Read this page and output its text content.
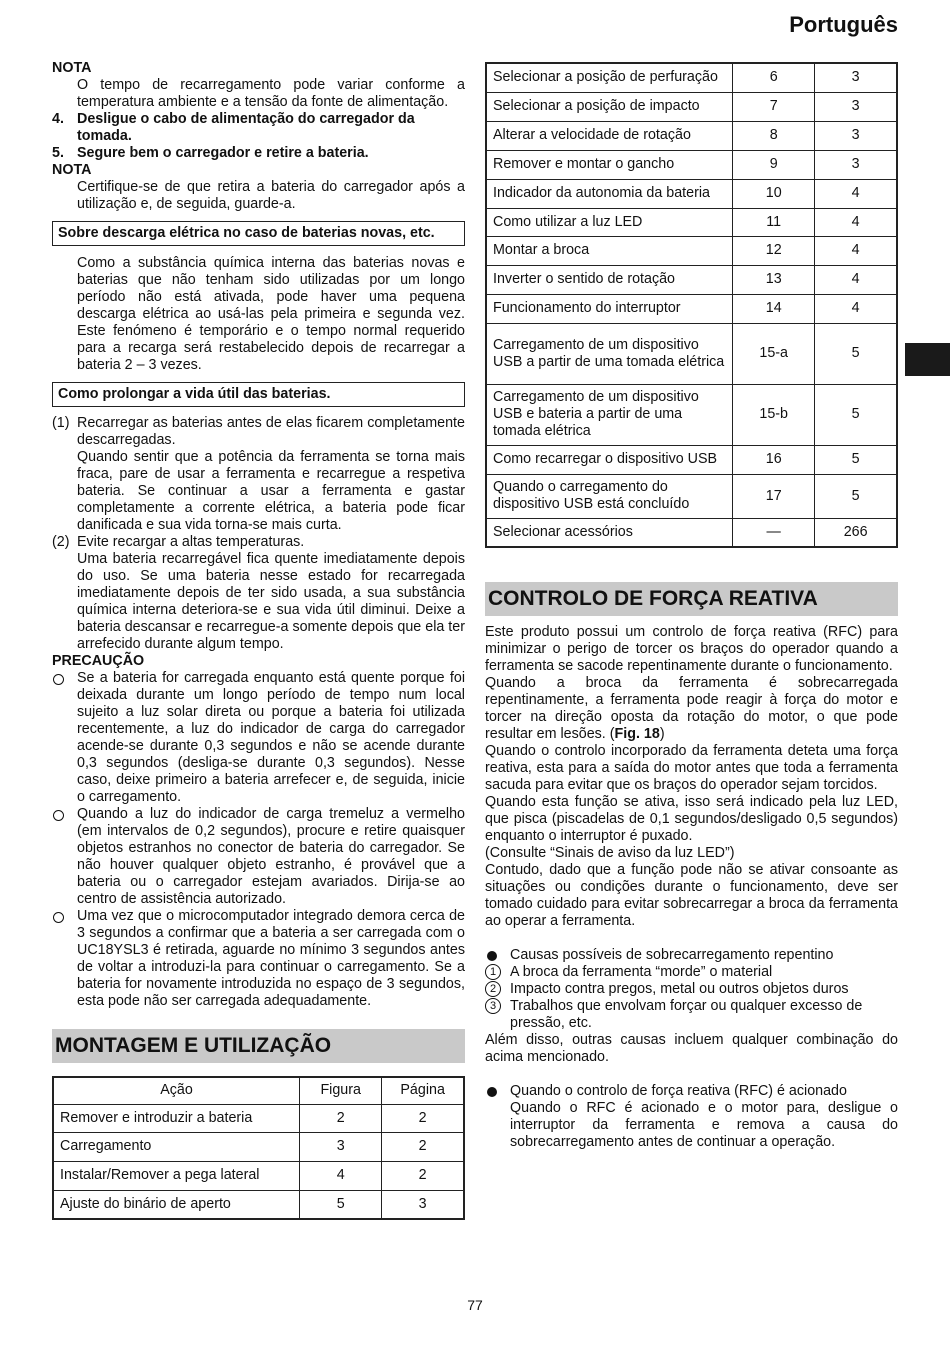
Português

NOTA

O tempo de recarregamento pode variar conforme a temperatura ambiente e a tensão da fonte de alimentação.

4. Desligue o cabo de alimentação do carregador da tomada.
5. Segure bem o carregador e retire a bateria.

NOTA

Certifique-se de que retira a bateria do carregador após a utilização e, de seguida, guarde-a.

Sobre descarga elétrica no caso de baterias novas, etc.

Como a substância química interna das baterias novas e baterias que não tenham sido utilizadas por um longo período não está ativada, pode haver uma pequena descarga elétrica ao usá-las pela primeira e segunda vez. Este fenómeno é temporário e o tempo normal requerido para a recarga será restabelecido depois de recarregar a bateria 2 – 3 vezes.

Como prolongar a vida útil das baterias.

(1) Recarregar as baterias antes de elas ficarem completamente descarregadas.

Quando sentir que a potência da ferramenta se torna mais fraca, pare de usar a ferramenta e recarregue a respetiva bateria. Se continuar a usar a ferramenta e gastar completamente a corrente elétrica, a bateria pode ficar danificada e sua vida torna-se mais curta.

(2) Evite recargar a altas temperaturas.

Uma bateria recarregável fica quente imediatamente depois do uso. Se uma bateria nesse estado for recarregada imediatamente depois de ter sido usada, a sua substância química interna deteriora-se e sua vida útil diminui. Deixe a bateria descansar e recarregue-a somente depois que ela ter arrefecido durante algum tempo.

PRECAUÇÃO

Se a bateria for carregada enquanto está quente porque foi deixada durante um longo período de tempo num local sujeito a luz solar direta ou porque a bateria foi utilizada recentemente, a luz do indicador de carga do carregador acende-se durante 0,3 segundos e não se acende durante 0,3 segundos (desliga-se durante 0,3 segundos). Nesse caso, deixe primeiro a bateria arrefecer e, de seguida, inicie o carregamento.
Quando a luz do indicador de carga tremeluz a vermelho (em intervalos de 0,2 segundos), procure e retire quaisquer objetos estranhos no conector de bateria do carregador. Se não houver qualquer objeto estranho, é provável que a bateria ou o carregador estejam avariados. Dirija-se ao centro de assistência autorizado.
Uma vez que o microcomputador integrado demora cerca de 3 segundos a confirmar que a bateria a ser carregada com o UC18YSL3 é retirada, aguarde no mínimo 3 segundos antes de voltar a introduzi-la para continuar o carregamento. Se a bateria for novamente introduzida no espaço de 3 segundos, esta pode não ser carregada adequadamente.
MONTAGEM E UTILIZAÇÃO
Ação	Figura	Página
Remover e introduzir a bateria	2	2
Carregamento	3	2
Instalar/Remover a pega lateral	4	2
Ajuste do binário de aperto	5	3
Selecionar a posição de perfuração	6	3
Selecionar a posição de impacto	7	3
Alterar a velocidade de rotação	8	3
Remover e montar o gancho	9	3
Indicador da autonomia da bateria	10	4
Como utilizar a luz LED	11	4
Montar a broca	12	4
Inverter o sentido de rotação	13	4
Funcionamento do interruptor	14	4
Carregamento de um dispositivo USB a partir de uma tomada elétrica	15-a	5
Carregamento de um dispositivo USB e bateria a partir de uma tomada elétrica	15-b	5
Como recarregar o dispositivo USB	16	5
Quando o carregamento do dispositivo USB está concluído	17	5
Selecionar acessórios	—	266
CONTROLO DE FORÇA REATIVA

Este produto possui um controlo de força reativa (RFC) para minimizar o perigo de torcer os braços do operador quando a ferramenta se sacode repentinamente durante o funcionamento.

Quando a broca da ferramenta é sobrecarregada repentinamente, a ferramenta pode reagir à força do motor e torcer na direção oposta da rotação do motor, o que pode resultar em lesões. (Fig. 18)

Quando o controlo incorporado da ferramenta deteta uma força reativa, esta para a saída do motor antes que toda a ferramenta sacuda para evitar que os braços do operador sejam torcidos.

Quando esta função se ativa, isso será indicado pela luz LED, que pisca (piscadelas de 0,1 segundos/desligado 0,5 segundos) enquanto o interruptor é puxado.

(Consulte “Sinais de aviso da luz LED”)

Contudo, dado que a função pode não se ativar consoante as situações ou condições durante o funcionamento, deve ser tomado cuidado para evitar sobrecarregar a broca da ferramenta ao operar a ferramenta.

Causas possíveis de sobrecarregamento repentino
1 A broca da ferramenta “morde” o material
2 Impacto contra pregos, metal ou outros objetos duros
3 Trabalhos que envolvam forçar ou qualquer excesso de pressão, etc.

Além disso, outras causas incluem qualquer combinação do acima mencionado.

Quando o controlo de força reativa (RFC) é acionado

Quando o RFC é acionado e o motor para, desligue o interruptor da ferramenta e remova a causa do sobrecarregamento antes de continuar a operação.

77
